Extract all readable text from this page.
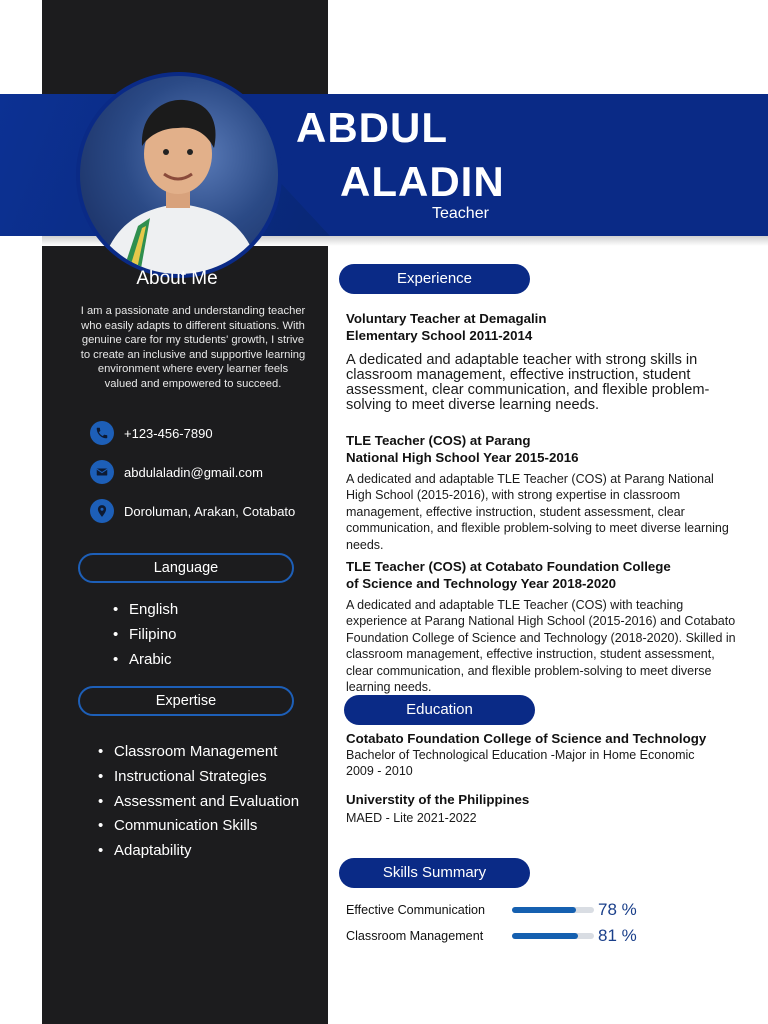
ABDUL
ALADIN
Teacher
About Me
I am a passionate and understanding teacher who easily adapts to different situations. With genuine care for my students' growth, I strive to create an inclusive and supportive learning environment where every learner feels valued and empowered to succeed.
+123-456-7890
abdulaladin@gmail.com
Doroluman, Arakan, Cotabato
Language
• English
• Filipino
• Arabic
Expertise
• Classroom Management
• Instructional Strategies
• Assessment and Evaluation
• Communication Skills
• Adaptability
Experience
Voluntary Teacher at Demagalin
Elementary School 2011-2014
A dedicated and adaptable teacher with strong skills in classroom management, effective instruction, student assessment, clear communication, and flexible problem-solving to meet diverse learning needs.
TLE Teacher (COS) at Parang
National High School Year 2015-2016
A dedicated and adaptable TLE Teacher (COS) at Parang National High School (2015-2016), with strong expertise in classroom management, effective instruction, student assessment, clear communication, and flexible problem-solving to meet diverse learning needs.
TLE Teacher (COS) at Cotabato Foundation College
of Science and Technology Year 2018-2020
A dedicated and adaptable TLE Teacher (COS) with teaching experience at Parang National High School (2015-2016) and Cotabato Foundation College of Science and Technology (2018-2020). Skilled in classroom management, effective instruction, student assessment, clear communication, and flexible problem-solving to meet diverse learning needs.
Education
Cotabato Foundation College of Science and Technology
Bachelor of Technological Education -Major in Home Economic
2009 - 2010
Universtity of the Philippines
MAED - Lite 2021-2022
Skills Summary
Effective Communication	78 %
Classroom Management	81 %
